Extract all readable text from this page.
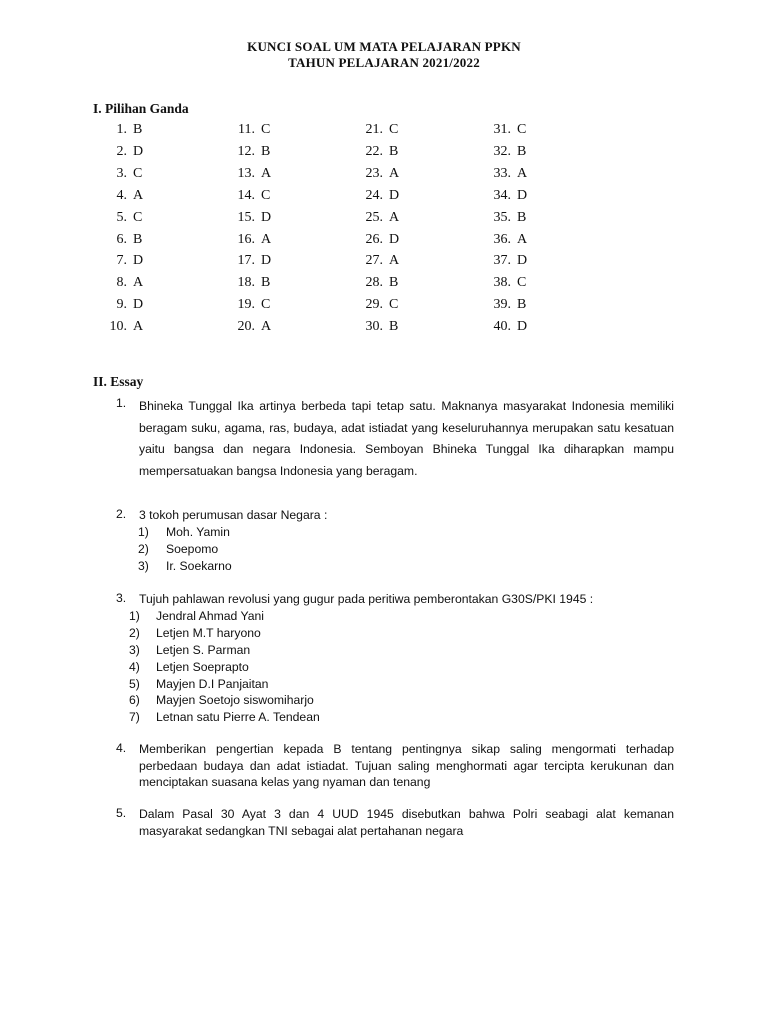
KUNCI SOAL UM MATA PELAJARAN PPKN
TAHUN PELAJARAN 2021/2022
I. Pilihan Ganda
1. B
2. D
3. C
4. A
5. C
6. B
7. D
8. A
9. D
10. A
11. C
12. B
13. A
14. C
15. D
16. A
17. D
18. B
19. C
20. A
21. C
22. B
23. A
24. D
25. A
26. D
27. A
28. B
29. C
30. B
31. C
32. B
33. A
34. D
35. B
36. A
37. D
38. C
39. B
40. D
II. Essay
1.	Bhineka Tunggal Ika artinya berbeda tapi tetap satu. Maknanya masyarakat Indonesia memiliki beragam suku, agama, ras, budaya, adat istiadat yang keseluruhannya merupakan satu kesatuan yaitu bangsa dan negara Indonesia. Semboyan Bhineka Tunggal Ika diharapkan mampu mempersatuakan bangsa Indonesia yang beragam.
2.	3 tokoh perumusan dasar Negara :
1) Moh. Yamin
2) Soepomo
3) Ir. Soekarno
3.	Tujuh pahlawan revolusi yang gugur pada peritiwa pemberontakan G30S/PKI 1945 :
1) Jendral Ahmad Yani
2) Letjen M.T haryono
3) Letjen S. Parman
4) Letjen Soeprapto
5) Mayjen D.I Panjaitan
6) Mayjen Soetojo siswomiharjo
7) Letnan satu Pierre A. Tendean
4.	Memberikan pengertian kepada B tentang pentingnya sikap saling mengormati terhadap perbedaan budaya dan adat istiadat. Tujuan saling menghormati agar tercipta kerukunan dan menciptakan suasana kelas yang nyaman dan tenang
5.	Dalam Pasal 30 Ayat 3 dan 4 UUD 1945 disebutkan bahwa Polri seabagi alat kemanan masyarakat sedangkan TNI sebagai alat pertahanan negara
